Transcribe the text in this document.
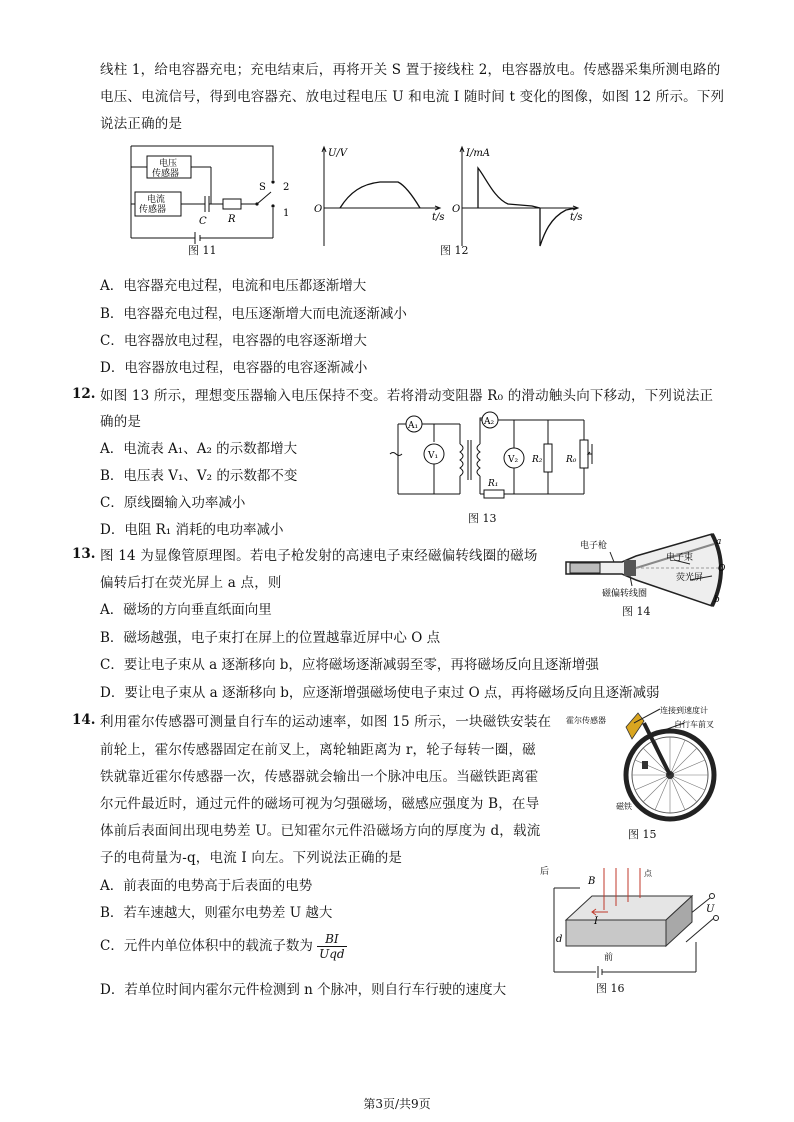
线柱 1，给电容器充电；充电结束后，再将开关 S 置于接线柱 2，电容器放电。传感器采集所测电路的
电压、电流信号，得到电容器充、放电过程电压 U 和电流 I 随时间 t 变化的图像，如图 12 所示。下列
说法正确的是
电压
传感器
电流
传感器
C R
S 2
1
图 11
U/V	I/mA
O	O
t/s	t/s
图 12
A．电容器充电过程，电流和电压都逐渐增大
B．电容器充电过程，电压逐渐增大而电流逐渐减小
C．电容器放电过程，电容器的电容逐渐增大
D．电容器放电过程，电容器的电容逐渐减小
12. 如图 13 所示，理想变压器输入电压保持不变。若将滑动变阻器 R₀ 的滑动触头向下移动，下列说法正
确的是
A．电流表 A₁、A₂ 的示数都增大
B．电压表 V₁、V₂ 的示数都不变
C．原线圈输入功率减小
D．电阻 R₁ 消耗的电功率减小
A₁	A₂
V₁	V₂
R₁
R₂	R₀
图 13
13. 图 14 为显像管原理图。若电子枪发射的高速电子束经磁偏转线圈的磁场
偏转后打在荧光屏上 a 点，则
A．磁场的方向垂直纸面向里
B．磁场越强，电子束打在屏上的位置越靠近屏中心 O 点
C．要让电子束从 a 逐渐移向 b，应将磁场逐渐减弱至零，再将磁场反向且逐渐增强
D．要让电子束从 a 逐渐移向 b，应逐渐增强磁场使电子束过 O 点，再将磁场反向且逐渐减弱
电子枪
电子束
荧光屏
磁偏转线圈
a
O
b
图 14
14. 利用霍尔传感器可测量自行车的运动速率，如图 15 所示，一块磁铁安装在
前轮上，霍尔传感器固定在前叉上，离轮轴距离为 r，轮子每转一圈，磁
铁就靠近霍尔传感器一次，传感器就会输出一个脉冲电压。当磁铁距离霍
尔元件最近时，通过元件的磁场可视为匀强磁场，磁感应强度为 B，在导
体前后表面间出现电势差 U。已知霍尔元件沿磁场方向的厚度为 d，载流
子的电荷量为-q，电流 I 向左。下列说法正确的是
A．前表面的电势高于后表面的电势
B．若车速越大，则霍尔电势差 U 越大
C．元件内单位体积中的载流子数为 $\frac{BI}{\text{Uqd}}$
D．若单位时间内霍尔元件检测到 n 个脉冲，则自行车行驶的速度大
霍尔传感器
连接到速度计
自行车前叉
磁铁
图 15
后
B
点
I
d
前
U
图 16
第3页/共9页
